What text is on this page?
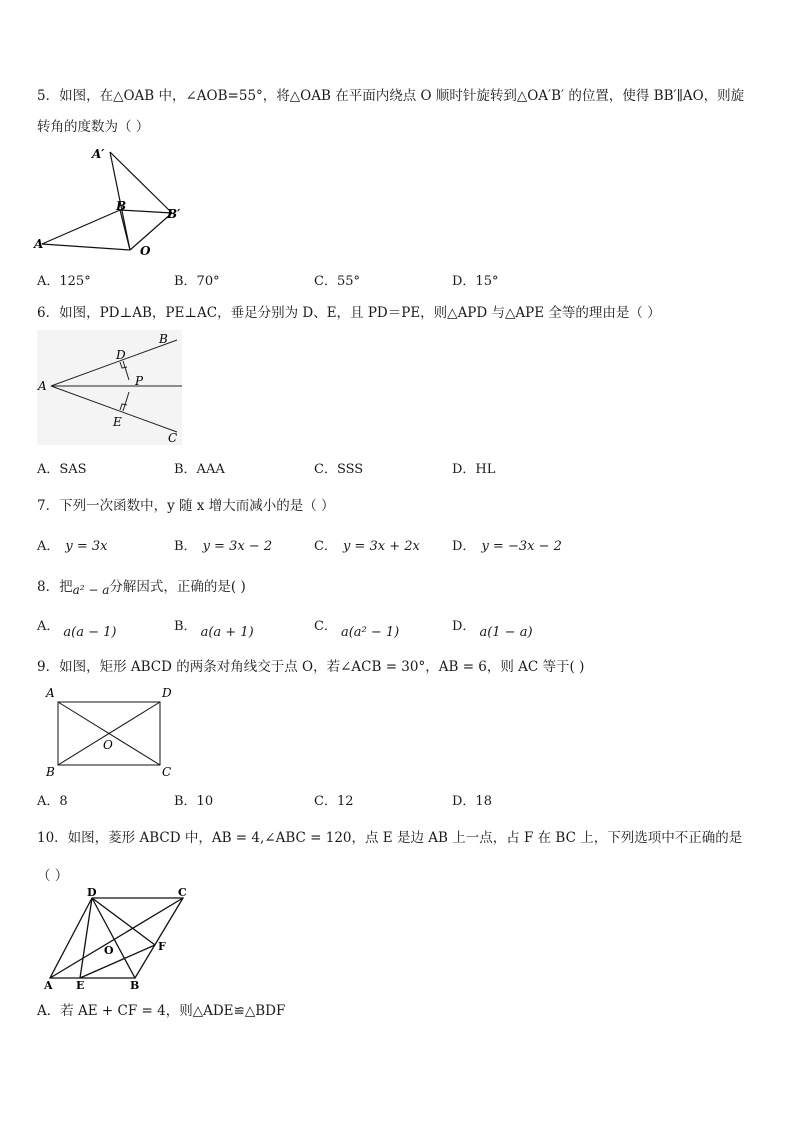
5．如图，在△OAB 中，∠AOB=55°，将△OAB 在平面内绕点 O 顺时针旋转到△OA′B′ 的位置，使得 BB′∥AO，则旋
转角的度数为（ ）
A′
B
B′
A	O
A．125°	B．70°	C．55°	D．15°
6．如图，PD⊥AB，PE⊥AC，垂足分别为 D、E，且 PD＝PE，则△APD 与△APE 全等的理由是（ ）
A
B
C
D
E
P
A．SAS	B．AAA	C．SSS	D．HL
7．下列一次函数中，y 随 x 增大而减小的是（ ）
A． y = 3x	B． y = 3x − 2	C． y = 3x + 2x D． y = −3x − 2
8．把a² − a分解因式，正确的是( )
A． a(a − 1)	B． a(a + 1)	C． a(a² − 1)	D． a(1 − a)
9．如图，矩形 ABCD 的两条对角线交于点 O，若∠ACB = 30°，AB = 6，则 AC 等于( )
A	D
B	C
O
A．8	B．10	C．12	D．18
10．如图，菱形 ABCD 中，AB = 4,∠ABC = 120，点 E 是边 AB 上一点，占 F 在 BC 上，下列选项中不正确的是
（ ）
D	C
A E	B
F
O
A．若 AE + CF = 4，则△ADE≌△BDF
